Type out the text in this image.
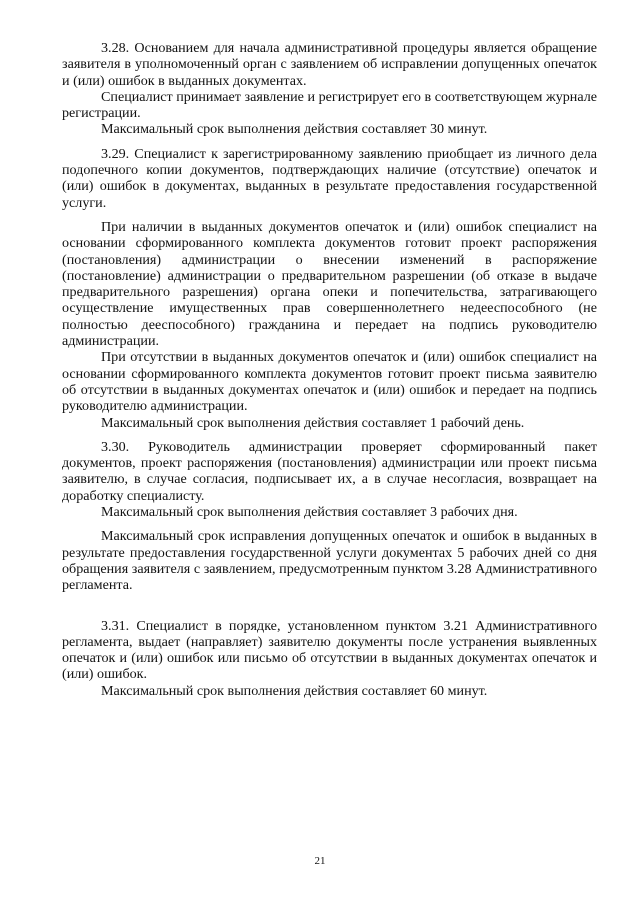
3.28. Основанием для начала административной процедуры является обращение заявителя в уполномоченный орган с заявлением об исправлении допущенных опечаток и (или) ошибок в выданных документах.

Специалист принимает заявление и регистрирует его в соответствующем журнале регистрации.

Максимальный срок выполнения действия составляет 30 минут.

3.29. Специалист к зарегистрированному заявлению приобщает из личного дела подопечного копии документов, подтверждающих наличие (отсутствие) опечаток и (или) ошибок в документах, выданных в результате предоставления государственной услуги.

При наличии в выданных документов опечаток и (или) ошибок специалист на основании сформированного комплекта документов готовит проект распоряжения (постановления) администрации о внесении изменений в распоряжение (постановление) администрации о предварительном разрешении (об отказе в выдаче предварительного разрешения) органа опеки и попечительства, затрагивающего осуществление имущественных прав совершеннолетнего недееспособного (не полностью дееспособного) гражданина и передает на подпись руководителю администрации.

При отсутствии в выданных документов опечаток и (или) ошибок специалист на основании сформированного комплекта документов готовит проект письма заявителю об отсутствии в выданных документах опечаток и (или) ошибок и передает на подпись руководителю администрации.

Максимальный срок выполнения действия составляет 1 рабочий день.

3.30. Руководитель администрации проверяет сформированный пакет документов, проект распоряжения (постановления) администрации или проект письма заявителю, в случае согласия, подписывает их, а в случае несогласия, возвращает на доработку специалисту.

Максимальный срок выполнения действия составляет 3 рабочих дня.

Максимальный срок исправления допущенных опечаток и ошибок в выданных в результате предоставления государственной услуги документах 5 рабочих дней со дня обращения заявителя с заявлением, предусмотренным пунктом 3.28 Административного регламента.

3.31. Специалист в порядке, установленном пунктом 3.21 Административного регламента, выдает (направляет) заявителю документы после устранения выявленных опечаток и (или) ошибок или письмо об отсутствии в выданных документах опечаток и (или) ошибок.

Максимальный срок выполнения действия составляет 60 минут.

21
